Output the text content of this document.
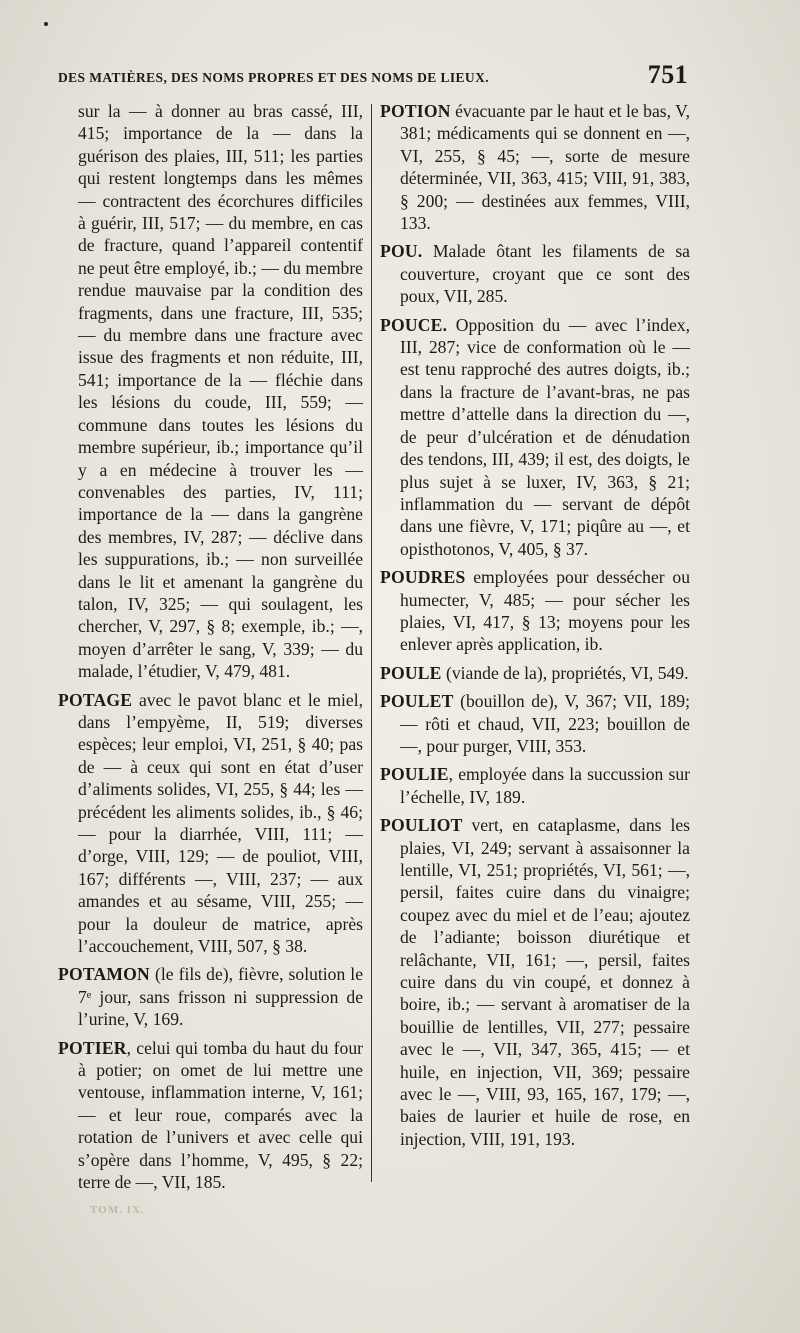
DES MATIÈRES, DES NOMS PROPRES ET DES NOMS DE LIEUX.	751

sur la — à donner au bras cassé, III, 415; importance de la — dans la guérison des plaies, III, 511; les parties qui restent longtemps dans les mêmes — contractent des écorchures difficiles à guérir, III, 517; — du membre, en cas de fracture, quand l’appareil contentif ne peut être employé, ib.; — du membre rendue mauvaise par la condition des fragments, dans une fracture, III, 535; — du membre dans une fracture avec issue des fragments et non réduite, III, 541; importance de la — fléchie dans les lésions du coude, III, 559; — commune dans toutes les lésions du membre supérieur, ib.; importance qu’il y a en médecine à trouver les — convenables des parties, IV, 111; importance de la — dans la gangrène des membres, IV, 287; — déclive dans les suppurations, ib.; — non surveillée dans le lit et amenant la gangrène du talon, IV, 325; — qui soulagent, les chercher, V, 297, § 8; exemple, ib.; —, moyen d’arrêter le sang, V, 339; — du malade, l’étudier, V, 479, 481.

POTAGE avec le pavot blanc et le miel, dans l’empyème, II, 519; diverses espèces; leur emploi, VI, 251, § 40; pas de — à ceux qui sont en état d’user d’aliments solides, VI, 255, § 44; les — précédent les aliments solides, ib., § 46; — pour la diarrhée, VIII, 111; — d’orge, VIII, 129; — de pouliot, VIII, 167; différents —, VIII, 237; — aux amandes et au sésame, VIII, 255; — pour la douleur de matrice, après l’accouchement, VIII, 507, § 38.

POTAMON (le fils de), fièvre, solution le 7ᵉ jour, sans frisson ni suppression de l’urine, V, 169.

POTIER, celui qui tomba du haut du four à potier; on omet de lui mettre une ventouse, inflammation interne, V, 161; — et leur roue, comparés avec la rotation de l’univers et avec celle qui s’opère dans l’homme, V, 495, § 22; terre de —, VII, 185.

POTION évacuante par le haut et le bas, V, 381; médicaments qui se donnent en —, VI, 255, § 45; —, sorte de mesure déterminée, VII, 363, 415; VIII, 91, 383, § 200; — destinées aux femmes, VIII, 133.

POU. Malade ôtant les filaments de sa couverture, croyant que ce sont des poux, VII, 285.

POUCE. Opposition du — avec l’index, III, 287; vice de conformation où le — est tenu rapproché des autres doigts, ib.; dans la fracture de l’avant-bras, ne pas mettre d’attelle dans la direction du —, de peur d’ulcération et de dénudation des tendons, III, 439; il est, des doigts, le plus sujet à se luxer, IV, 363, § 21; inflammation du — servant de dépôt dans une fièvre, V, 171; piqûre au —, et opisthotonos, V, 405, § 37.

POUDRES employées pour dessécher ou humecter, V, 485; — pour sécher les plaies, VI, 417, § 13; moyens pour les enlever après application, ib.

POULE (viande de la), propriétés, VI, 549.

POULET (bouillon de), V, 367; VII, 189; — rôti et chaud, VII, 223; bouillon de —, pour purger, VIII, 353.

POULIE, employée dans la succussion sur l’échelle, IV, 189.

POULIOT vert, en cataplasme, dans les plaies, VI, 249; servant à assaisonner la lentille, VI, 251; propriétés, VI, 561; —, persil, faites cuire dans du vinaigre; coupez avec du miel et de l’eau; ajoutez de l’adiante; boisson diurétique et relâchante, VII, 161; —, persil, faites cuire dans du vin coupé, et donnez à boire, ib.; — servant à aromatiser de la bouillie de lentilles, VII, 277; pessaire avec le —, VII, 347, 365, 415; — et huile, en injection, VII, 369; pessaire avec le —, VIII, 93, 165, 167, 179; —, baies de laurier et huile de rose, en injection, VIII, 191, 193.

TOM. IX.
